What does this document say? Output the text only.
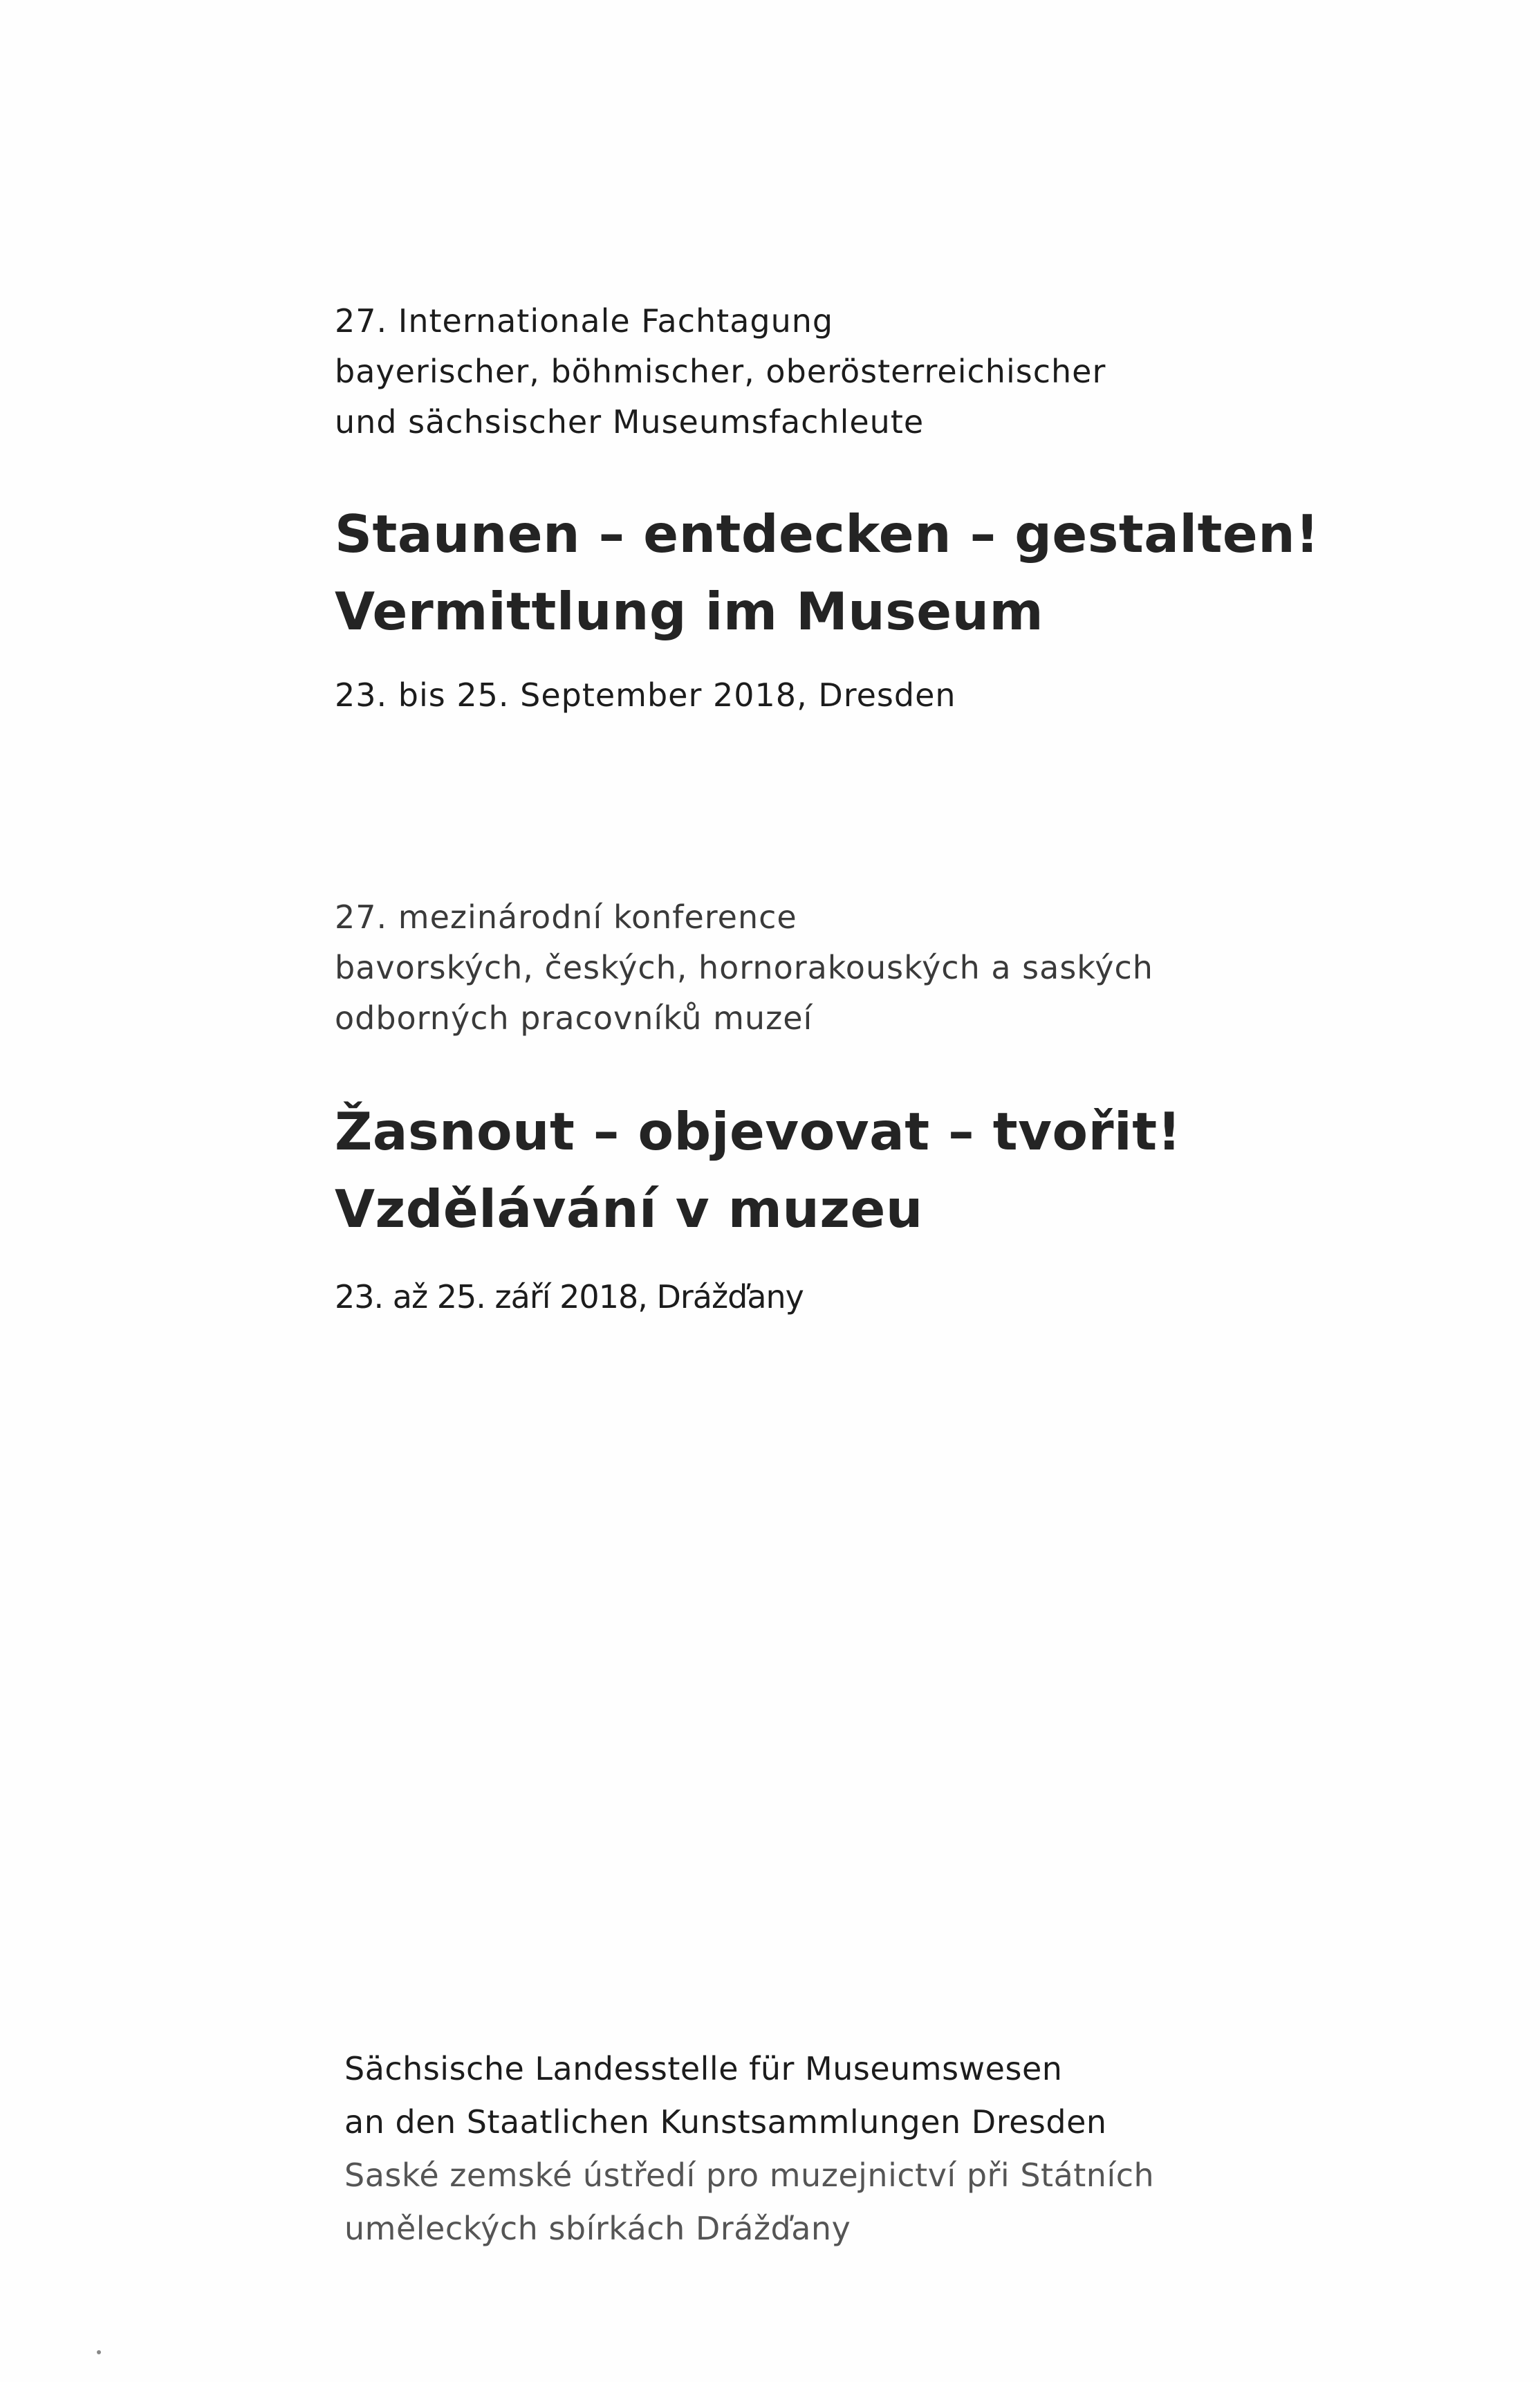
27. Internationale Fachtagung
bayerischer, böhmischer, oberösterreichischer
und sächsischer Museumsfachleute
Staunen – entdecken – gestalten!
Vermittlung im Museum
23. bis 25. September 2018, Dresden
27. mezinárodní konference
bavorských, českých, hornorakouských a saských
odborných pracovníků muzeí
Žasnout – objevovat – tvořit!
Vzdělávání v muzeu
23. až 25. září 2018, Drážďany
Sächsische Landesstelle für Museumswesen
an den Staatlichen Kunstsammlungen Dresden
Saské zemské ústředí pro muzejnictví při Státních
uměleckých sbírkách Drážďany
